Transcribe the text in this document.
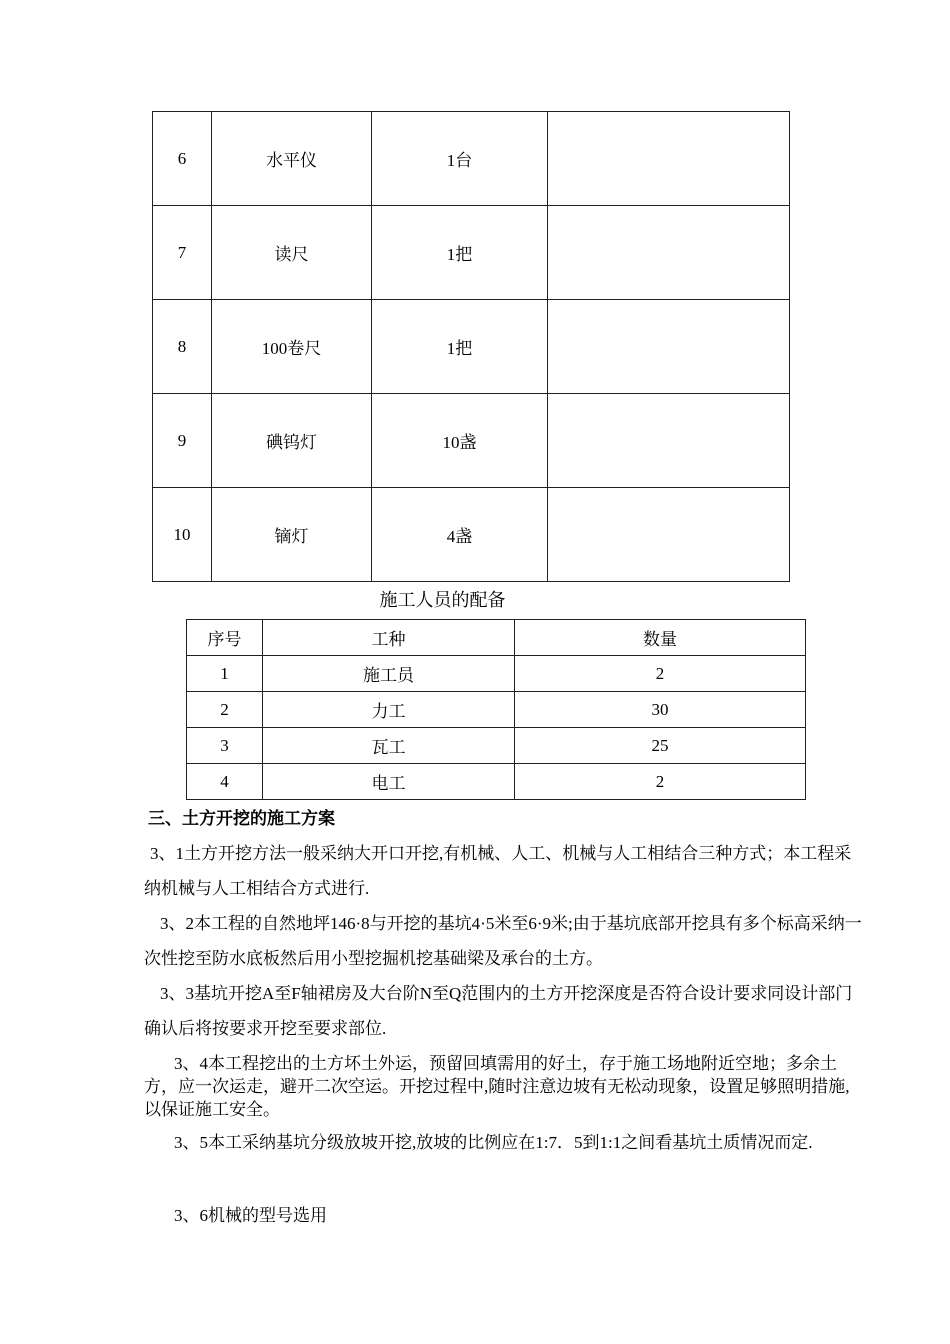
6	水平仪	1台	
7	读尺	1把	
8	100卷尺	1把	
9	碘钨灯	10盏	
10	镝灯	4盏	
施工人员的配备
序号	工种	数量
1	施工员	2
2	力工	30
3	瓦工	25
4	电工	2
三、土方开挖的施工方案
3、1土方开挖方法一般采纳大开口开挖,有机械、人工、机械与人工相结合三种方式；本工程采纳机械与人工相结合方式进行.
3、2本工程的自然地坪146·8与开挖的基坑4·5米至6·9米;由于基坑底部开挖具有多个标高采纳一次性挖至防水底板然后用小型挖掘机挖基础梁及承台的土方。
3、3基坑开挖A至F轴裙房及大台阶N至Q范围内的土方开挖深度是否符合设计要求同设计部门确认后将按要求开挖至要求部位.
3、4本工程挖出的土方坏土外运，预留回填需用的好土，存于施工场地附近空地；多余土方，应一次运走，避开二次空运。开挖过程中,随时注意边坡有无松动现象，设置足够照明措施,以保证施工安全。
3、5本工采纳基坑分级放坡开挖,放坡的比例应在1:7．5到1:1之间看基坑土质情况而定.
3、6机械的型号选用
